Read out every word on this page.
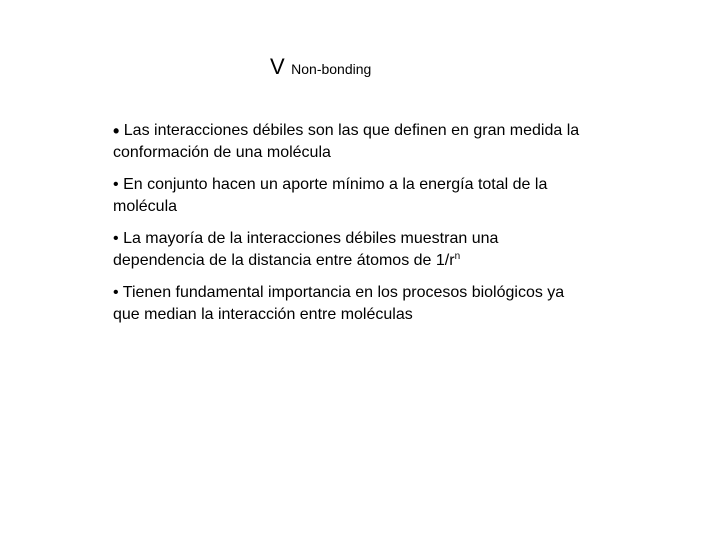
V Non-bonding

• Las interacciones débiles son las que definen en gran medida la conformación de una molécula

• En conjunto hacen un aporte mínimo a la energía total de la molécula

• La mayoría de la interacciones débiles muestran una dependencia de la distancia entre átomos de $1/r^n$

• Tienen fundamental importancia en los procesos biológicos ya que median la interacción entre moléculas
